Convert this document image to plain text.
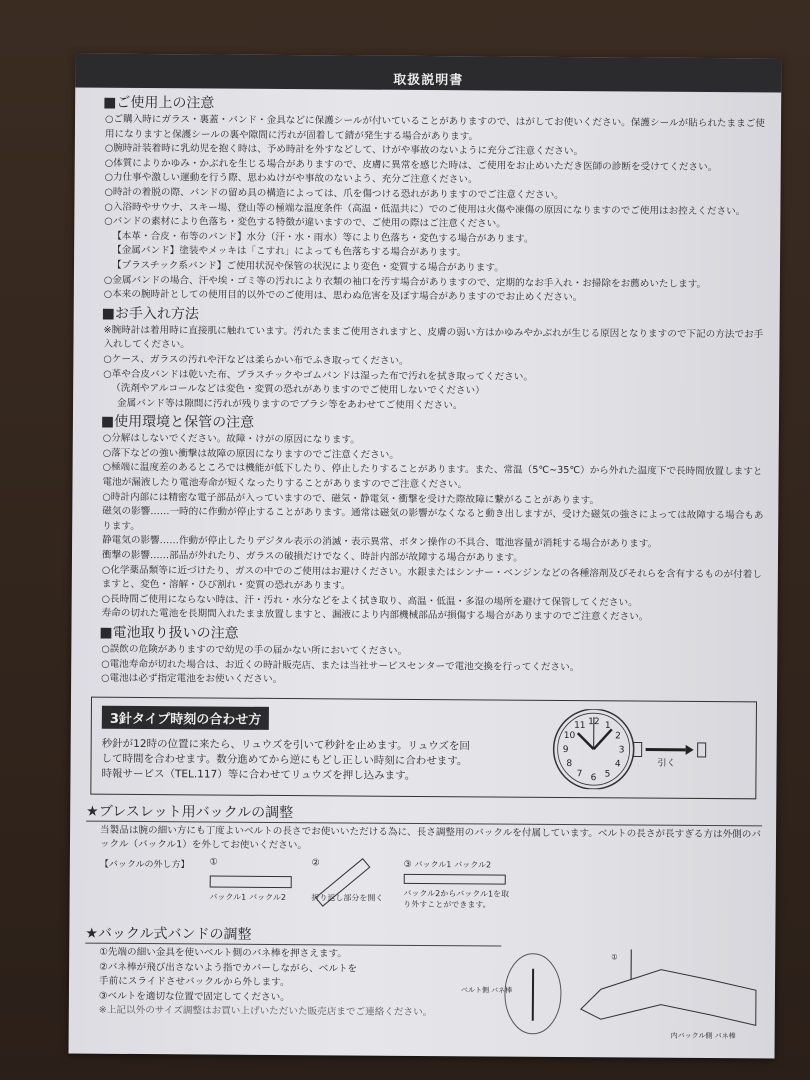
取扱説明書
■ご使用上の注意

○ご購入時にガラス・裏蓋・バンド・金具などに保護シールが付いていることがありますので、はがしてお使いください。保護シールが貼られたままご使用になりますと保護シールの裏や隙間に汚れが固着して錆が発生する場合があります。

○腕時計装着時に乳幼児を抱く時は、予め時計を外すなどして、けがや事故のないように充分ご注意ください。

○体質によりかゆみ・かぶれを生じる場合がありますので、皮膚に異常を感じた時は、ご使用をお止めいただき医師の診断を受けてください。

○力仕事や激しい運動を行う際、思わぬけがや事故のないよう、充分ご注意ください。

○時計の着脱の際、バンドの留め具の構造によっては、爪を傷つける恐れがありますのでご注意ください。

○入浴時やサウナ、スキー場、登山等の極端な温度条件（高温・低温共に）でのご使用は火傷や凍傷の原因になりますのでご使用はお控えください。

○バンドの素材により色落ち・変色する特徴が違いますので、ご使用の際はご注意ください。

【本革・合皮・布等のバンド】水分（汗・水・雨水）等により色落ち・変色する場合があります。

【金属バンド】塗装やメッキは「こすれ」によっても色落ちする場合があります。

【プラスチック系バンド】ご使用状況や保管の状況により変色・変質する場合があります。

○金属バンドの場合、汗や埃・ゴミ等の汚れにより衣類の袖口を汚す場合がありますので、定期的なお手入れ・お掃除をお薦めいたします。

○本来の腕時計としての使用目的以外でのご使用は、思わぬ危害を及ぼす場合がありますのでお止めください。

■お手入れ方法

※腕時計は着用時に直接肌に触れています。汚れたままご使用されますと、皮膚の弱い方はかゆみやかぶれが生じる原因となりますので下記の方法でお手入れしてください。

○ケース、ガラスの汚れや汗などは柔らかい布でふき取ってください。

○革や合皮バンドは乾いた布、プラスチックやゴムバンドは湿った布で汚れを拭き取ってください。

（洗剤やアルコールなどは変色・変質の恐れがありますのでご使用しないでください）

金属バンド等は隙間に汚れが残りますのでブラシ等をあわせてご使用ください。

■使用環境と保管の注意

○分解はしないでください。故障・けがの原因になります。

○落下などの強い衝撃は故障の原因になりますのでご注意ください。

○極端に温度差のあるところでは機能が低下したり、停止したりすることがあります。また、常温（5℃~35℃）から外れた温度下で長時間放置しますと電池が漏液したり電池寿命が短くなったりすることがありますのでご注意ください。

○時計内部には精密な電子部品が入っていますので、磁気・静電気・衝撃を受けた際故障に繋がることがあります。

磁気の影響……一時的に作動が停止することがあります。通常は磁気の影響がなくなると動き出しますが、受けた磁気の強さによっては故障する場合もあります。

静電気の影響……作動が停止したりデジタル表示の消滅・表示異常、ボタン操作の不具合、電池容量が消耗する場合があります。

衝撃の影響……部品が外れたり、ガラスの破損だけでなく、時計内部が故障する場合があります。

○化学薬品類等に近づけたり、ガスの中でのご使用はお避けください。水銀またはシンナー・ベンジンなどの各種溶剤及びそれらを含有するものが付着しますと、変色・溶解・ひび割れ・変質の恐れがあります。

○長時間ご使用にならない時は、汗・汚れ・水分などをよく拭き取り、高温・低温・多湿の場所を避けて保管してください。

寿命の切れた電池を長期間入れたまま放置しますと、漏液により内部機械部品が損傷する場合がありますのでご注意ください。

■電池取り扱いの注意

○誤飲の危険がありますので幼児の手の届かない所においてください。

○電池寿命が切れた場合は、お近くの時計販売店、または当社サービスセンターで電池交換を行ってください。

○電池は必ず指定電池をお使いください。

3針タイプ時刻の合わせ方

秒針が12時の位置に来たら、リュウズを引いて秒針を止めます。リュウズを回

して時間を合わせます。数分進めてから逆にもどし正しい時刻に合わせます。

時報サービス（TEL.117）等に合わせてリュウズを押し込みます。

引く
12 1
2
3
4
5
6
7
8
9
10
11
★ブレスレット用バックルの調整

当製品は腕の細い方にも丁度よいベルトの長さでお使いいただける為に、長さ調整用のバックルを付属しています。ベルトの長さが長すぎる方は外側のバックル（バックル1）を外してお使いください。

【バックルの外し方】 ①
バックル1 バックル2
②
折り返し部分を開く
③ バックル1 バックル2
バックル2からバックル1を取り外すことができます。
★バックル式バンドの調整

①先端の細い金具を使いベルト側のバネ棒を押さえます。

②バネ棒が飛び出さないよう指でカバーしながら、ベルトを

手前にスライドさせバックルから外します。

③ベルトを適切な位置で固定してください。

※上記以外のサイズ調整はお買い上げいただいた販売店までご連絡ください。

ベルト側 バネ棒
①
内バックル側 バネ棒
